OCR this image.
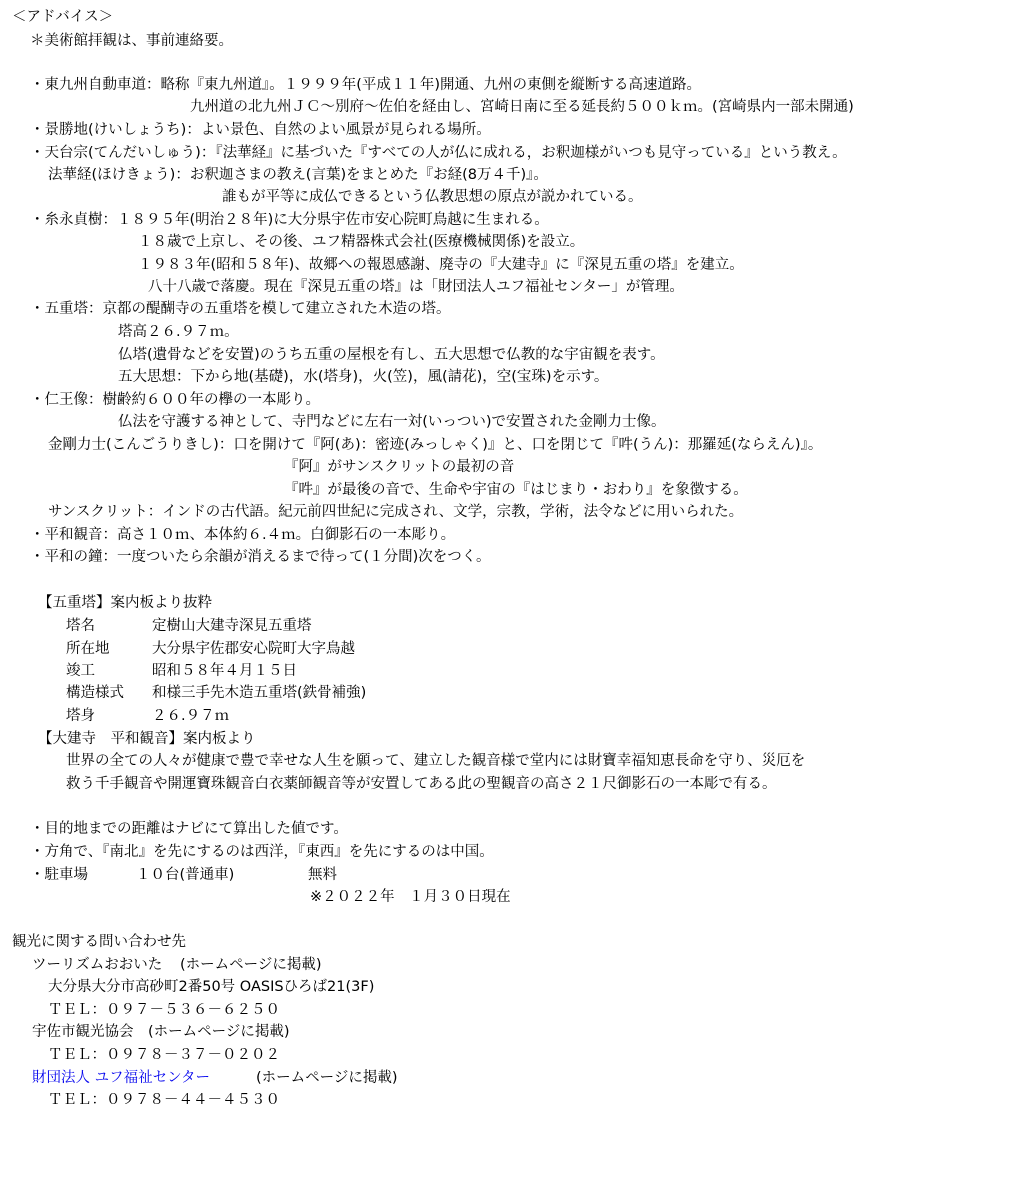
＜アドバイス＞
＊美術館拝観は、事前連絡要。
・東九州自動車道：略称『東九州道』。１９９９年(平成１１年)開通、九州の東側を縦断する高速道路。
九州道の北九州ＪＣ～別府～佐伯を経由し、宮崎日南に至る延長約５００ｋｍ。(宮崎県内一部未開通)
・景勝地(けいしょうち)：よい景色、自然のよい風景が見られる場所。
・天台宗(てんだいしゅう)：『法華経』に基づいた『すべての人が仏に成れる，お釈迦様がいつも見守っている』という教え。
法華経(ほけきょう)：お釈迦さまの教え(言葉)をまとめた『お経(8万４千)』。
誰もが平等に成仏できるという仏教思想の原点が説かれている。
・糸永貞樹：１８９５年(明治２８年)に大分県宇佐市安心院町鳥越に生まれる。
１８歳で上京し、その後、ユフ精器株式会社(医療機械関係)を設立。
１９８３年(昭和５８年)、故郷への報恩感謝、廃寺の『大建寺』に『深見五重の塔』を建立。
八十八歳で落慶。現在『深見五重の塔』は「財団法人ユフ福祉センター」が管理。
・五重塔：京都の醍醐寺の五重塔を模して建立された木造の塔。
塔高２６.９７ｍ。
仏塔(遺骨などを安置)のうち五重の屋根を有し、五大思想で仏教的な宇宙観を表す。
五大思想：下から地(基礎)，水(塔身)，火(笠)，風(請花)，空(宝珠)を示す。
・仁王像：樹齢約６００年の欅の一本彫り。
仏法を守護する神として、寺門などに左右一対(いっつい)で安置された金剛力士像。
金剛力士(こんごうりきし)：口を開けて『阿(あ)：密迹(みっしゃく)』と、口を閉じて『吽(うん)：那羅延(ならえん)』。
『阿』がサンスクリットの最初の音
『吽』が最後の音で、生命や宇宙の『はじまり・おわり』を象徴する。
サンスクリット：インドの古代語。紀元前四世紀に完成され、文学，宗教，学術，法令などに用いられた。
・平和観音：高さ１０ｍ、本体約６.４ｍ。白御影石の一本彫り。
・平和の鐘：一度ついたら余韻が消えるまで待って(１分間)次をつく。
【五重塔】案内板より抜粋
塔名	定樹山大建寺深見五重塔
所在地	大分県宇佐郡安心院町大字鳥越
竣工	昭和５８年４月１５日
構造様式 和様三手先木造五重塔(鉄骨補強)
塔身	２６.９７ｍ
【大建寺　平和観音】案内板より
世界の全ての人々が健康で豊で幸せな人生を願って、建立した観音様で堂内には財寶幸福知恵長命を守り、災厄を
救う千手観音や開運寶珠観音白衣薬師観音等が安置してある此の聖観音の高さ２１尺御影石の一本彫で有る。
・目的地までの距離はナビにて算出した値です。
・方角で、『南北』を先にするのは西洋，『東西』を先にするのは中国。
・駐車場	１０台(普通車)	無料
※２０２２年　１月３０日現在
観光に関する問い合わせ先
ツーリズムおおいた (ホームページに掲載)
大分県大分市高砂町2番50号 OASISひろば21(3F)
ＴＥＬ：０９７－５３６－６２５０
宇佐市観光協会 (ホームページに掲載)
ＴＥＬ：０９７８－３７－０２０２
財団法人 ユフ福祉センター	(ホームページに掲載)
ＴＥＬ：０９７８－４４－４５３０
